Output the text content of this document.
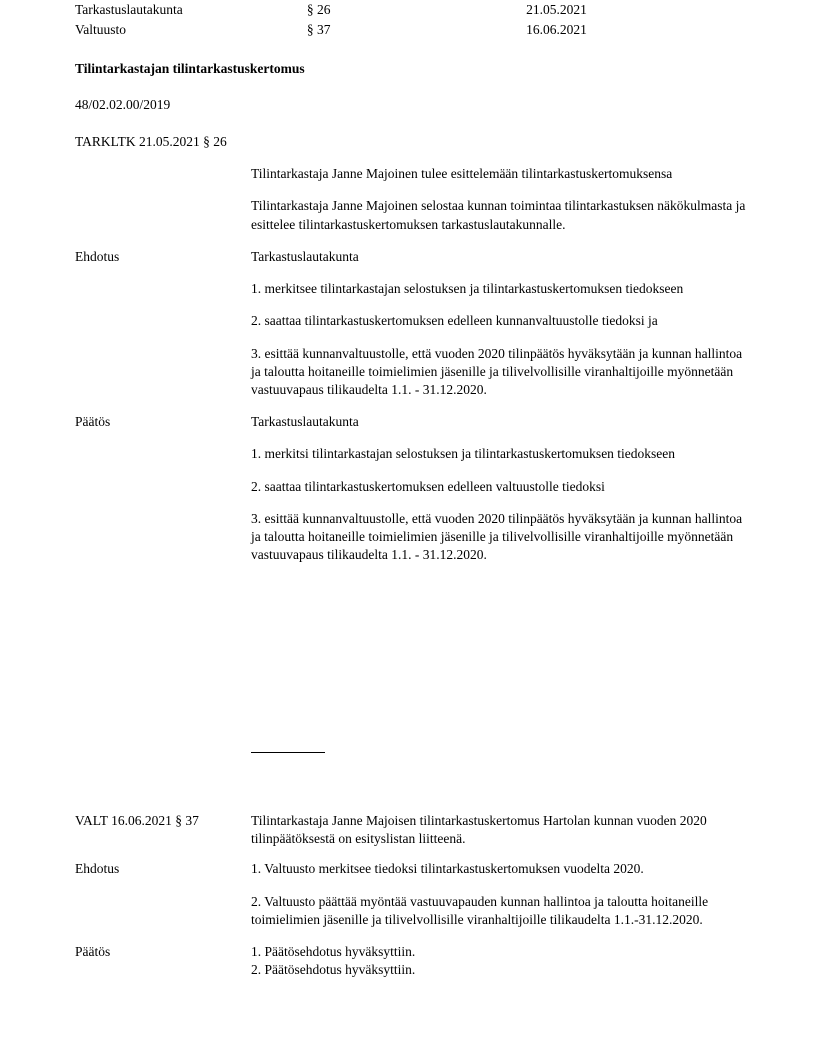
Tarkastuslautakunta	§ 26	21.05.2021
Valtuusto	§ 37	16.06.2021
Tilintarkastajan tilintarkastuskertomus
48/02.02.00/2019
TARKLTK 21.05.2021 § 26

Tilintarkastaja Janne Majoinen tulee esittelemään tilintarkastuskertomuksensa

Tilintarkastaja Janne Majoinen selostaa kunnan toimintaa tilintarkastuksen näkökulmasta ja esittelee tilintarkastuskertomuksen tarkastuslautakunnalle.

Ehdotus	Tarkastuslautakunta

1. merkitsee tilintarkastajan selostuksen ja tilintarkastuskertomuksen tiedokseen

2. saattaa tilintarkastuskertomuksen edelleen kunnanvaltuustolle tiedoksi ja

3. esittää kunnanvaltuustolle, että vuoden 2020 tilinpäätös hyväksytään ja kunnan hallintoa ja taloutta hoitaneille toimielimien jäsenille ja tilivelvollisille viranhaltijoille myönnetään vastuuvapaus tilikaudelta 1.1. - 31.12.2020.

Päätös	Tarkastuslautakunta

1. merkitsi tilintarkastajan selostuksen ja tilintarkastuskertomuksen tiedokseen

2. saattaa tilintarkastuskertomuksen edelleen valtuustolle tiedoksi

3. esittää kunnanvaltuustolle, että vuoden 2020 tilinpäätös hyväksytään ja kunnan hallintoa ja taloutta hoitaneille toimielimien jäsenille ja tilivelvollisille viranhaltijoille myönnetään vastuuvapaus tilikaudelta 1.1. - 31.12.2020.

VALT 16.06.2021 § 37	Tilintarkastaja Janne Majoisen tilintarkastuskertomus Hartolan kunnan vuoden 2020 tilinpäätöksestä on esityslistan liitteenä.

Ehdotus	1. Valtuusto merkitsee tiedoksi tilintarkastuskertomuksen vuodelta 2020.

2. Valtuusto päättää myöntää vastuuvapauden kunnan hallintoa ja taloutta hoitaneille toimielimien jäsenille ja tilivelvollisille viranhaltijoille tilikaudelta 1.1.-31.12.2020.

Päätös	1. Päätösehdotus hyväksyttiin.

2. Päätösehdotus hyväksyttiin.
